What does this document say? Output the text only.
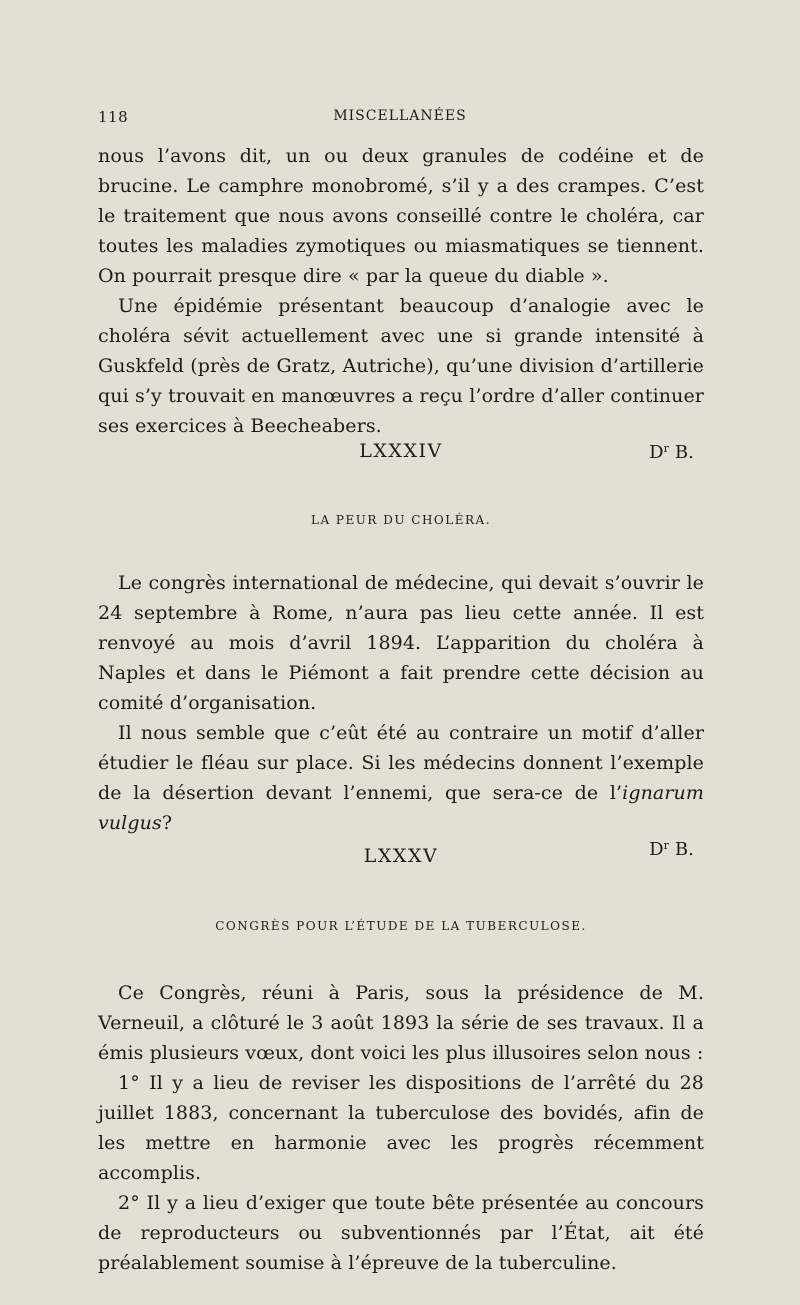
118	MISCELLANÉES

nous l’avons dit, un ou deux granules de codéine et de brucine. Le camphre monobromé, s’il y a des crampes. C’est le traitement que nous avons conseillé contre le choléra, car toutes les maladies zymotiques ou miasmatiques se tiennent. On pourrait presque dire « par la queue du diable ».

Une épidémie présentant beaucoup d’analogie avec le choléra sévit actuellement avec une si grande intensité à Guskfeld (près de Gratz, Autriche), qu’une division d’artillerie qui s’y trouvait en manœuvres a reçu l’ordre d’aller continuer ses exercices à Beecheabers.

$D^r$ B.
LXXXIV
LA PEUR DU CHOLÉRA.

Le congrès international de médecine, qui devait s’ouvrir le 24 septembre à Rome, n’aura pas lieu cette année. Il est renvoyé au mois d’avril 1894. L’apparition du choléra à Naples et dans le Piémont a fait prendre cette décision au comité d’organisation.

Il nous semble que c’eût été au contraire un motif d’aller étudier le fléau sur place. Si les médecins donnent l’exemple de la désertion devant l’ennemi, que sera-ce de l’ignarum vulgus?

$D^r$ B.
LXXXV
CONGRÈS POUR L’ÉTUDE DE LA TUBERCULOSE.

Ce Congrès, réuni à Paris, sous la présidence de M. Verneuil, a clôturé le 3 août 1893 la série de ses travaux. Il a émis plusieurs vœux, dont voici les plus illusoires selon nous :

1° Il y a lieu de reviser les dispositions de l’arrêté du 28 juillet 1883, concernant la tuberculose des bovidés, afin de les mettre en harmonie avec les progrès récemment accomplis.

2° Il y a lieu d’exiger que toute bête présentée au concours de reproducteurs ou subventionnés par l’État, ait été préalablement soumise à l’épreuve de la tuberculine.
